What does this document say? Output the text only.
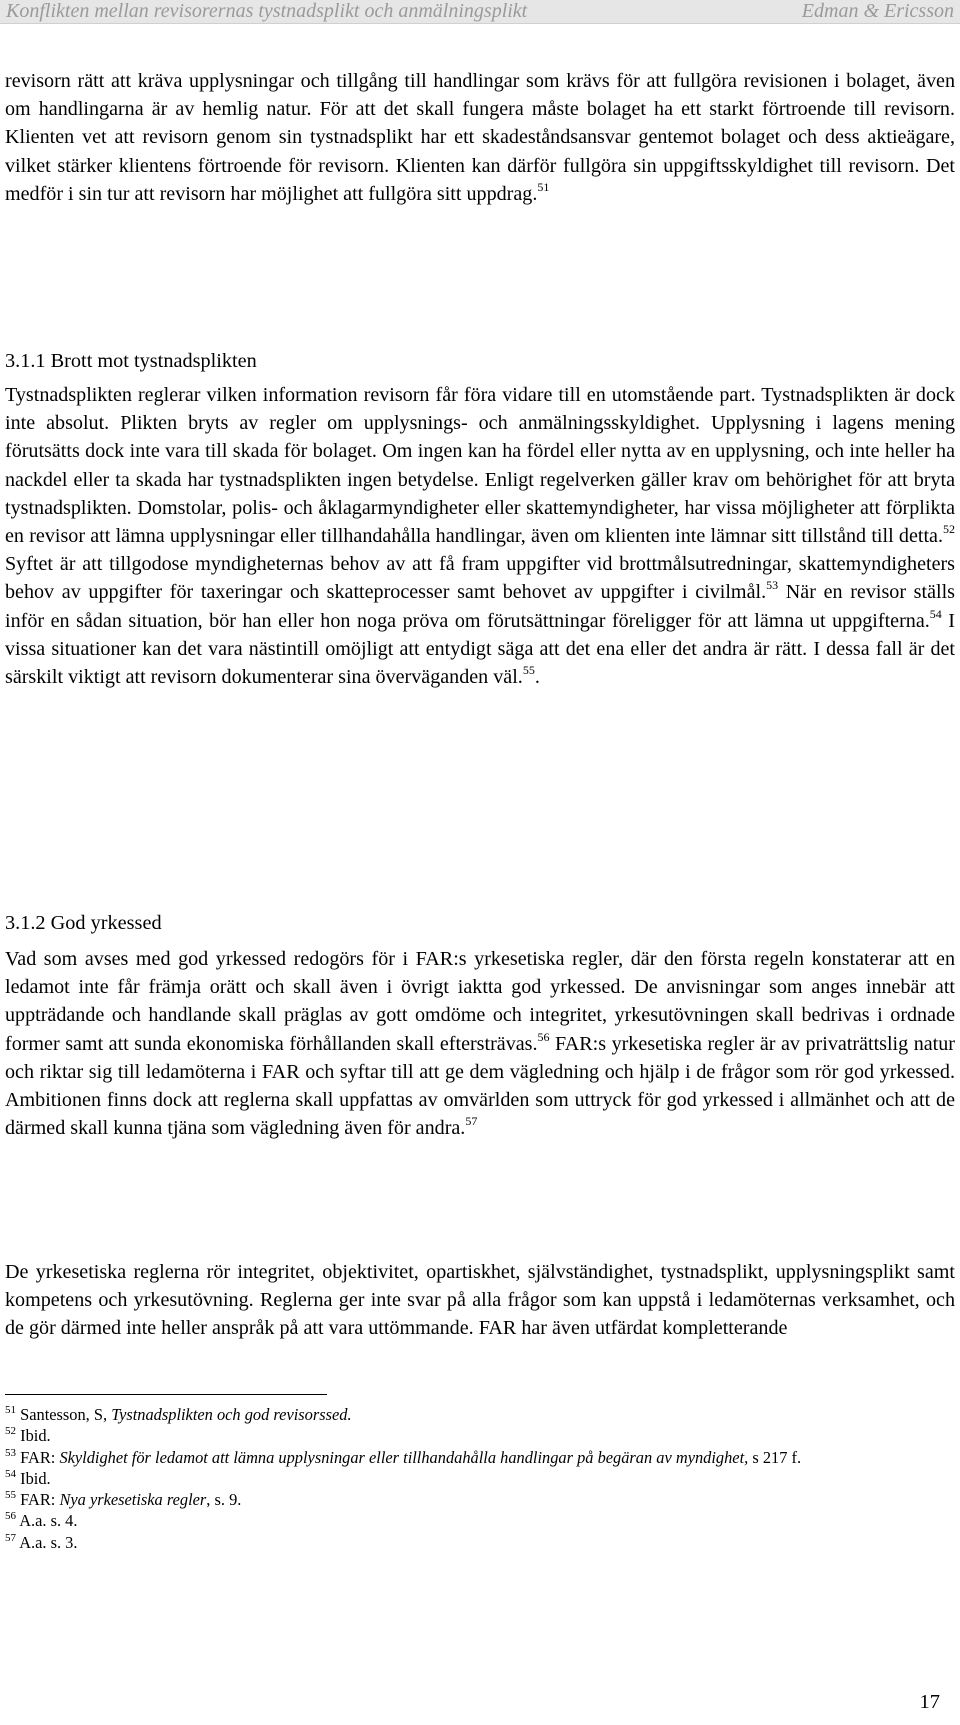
Konflikten mellan revisorernas tystnadsplikt och anmälningsplikt	Edman & Ericsson

revisorn rätt att kräva upplysningar och tillgång till handlingar som krävs för att fullgöra revisionen i bolaget, även om handlingarna är av hemlig natur. För att det skall fungera måste bolaget ha ett starkt förtroende till revisorn. Klienten vet att revisorn genom sin tystnadsplikt har ett skadeståndsansvar gentemot bolaget och dess aktieägare, vilket stärker klientens förtroende för revisorn. Klienten kan därför fullgöra sin uppgiftsskyldighet till revisorn. Det medför i sin tur att revisorn har möjlighet att fullgöra sitt uppdrag.$^{51}$

3.1.1 Brott mot tystnadsplikten

Tystnadsplikten reglerar vilken information revisorn får föra vidare till en utomstående part. Tystnadsplikten är dock inte absolut. Plikten bryts av regler om upplysnings- och anmälningsskyldighet. Upplysning i lagens mening förutsätts dock inte vara till skada för bolaget. Om ingen kan ha fördel eller nytta av en upplysning, och inte heller ha nackdel eller ta skada har tystnadsplikten ingen betydelse. Enligt regelverken gäller krav om behörighet för att bryta tystnadsplikten. Domstolar, polis- och åklagarmyndigheter eller skattemyndigheter, har vissa möjligheter att förplikta en revisor att lämna upplysningar eller tillhandahålla handlingar, även om klienten inte lämnar sitt tillstånd till detta.$^{52}$ Syftet är att tillgodose myndigheternas behov av att få fram uppgifter vid brottmålsutredningar, skattemyndigheters behov av uppgifter för taxeringar och skatteprocesser samt behovet av uppgifter i civilmål.$^{53}$ När en revisor ställs inför en sådan situation, bör han eller hon noga pröva om förutsättningar föreligger för att lämna ut uppgifterna.$^{54}$ I vissa situationer kan det vara nästintill omöjligt att entydigt säga att det ena eller det andra är rätt. I dessa fall är det särskilt viktigt att revisorn dokumenterar sina överväganden väl.$^{55}$.

3.1.2 God yrkessed

Vad som avses med god yrkessed redogörs för i FAR:s yrkesetiska regler, där den första regeln konstaterar att en ledamot inte får främja orätt och skall även i övrigt iaktta god yrkessed. De anvisningar som anges innebär att uppträdande och handlande skall präglas av gott omdöme och integritet, yrkesutövningen skall bedrivas i ordnade former samt att sunda ekonomiska förhållanden skall eftersträvas.$^{56}$ FAR:s yrkesetiska regler är av privaträttslig natur och riktar sig till ledamöterna i FAR och syftar till att ge dem vägledning och hjälp i de frågor som rör god yrkessed. Ambitionen finns dock att reglerna skall uppfattas av omvärlden som uttryck för god yrkessed i allmänhet och att de därmed skall kunna tjäna som vägledning även för andra.$^{57}$

De yrkesetiska reglerna rör integritet, objektivitet, opartiskhet, självständighet, tystnadsplikt, upplysningsplikt samt kompetens och yrkesutövning. Reglerna ger inte svar på alla frågor som kan uppstå i ledamöternas verksamhet, och de gör därmed inte heller anspråk på att vara uttömmande. FAR har även utfärdat kompletterande

$^{51}$ Santesson, S, Tystnadsplikten och god revisorssed.
$^{52}$ Ibid.
$^{53}$ FAR: Skyldighet för ledamot att lämna upplysningar eller tillhandahålla handlingar på begäran av myndighet, s 217 f.
$^{54}$ Ibid.
$^{55}$ FAR: Nya yrkesetiska regler, s. 9.
$^{56}$ A.a. s. 4.
$^{57}$ A.a. s. 3.
17
